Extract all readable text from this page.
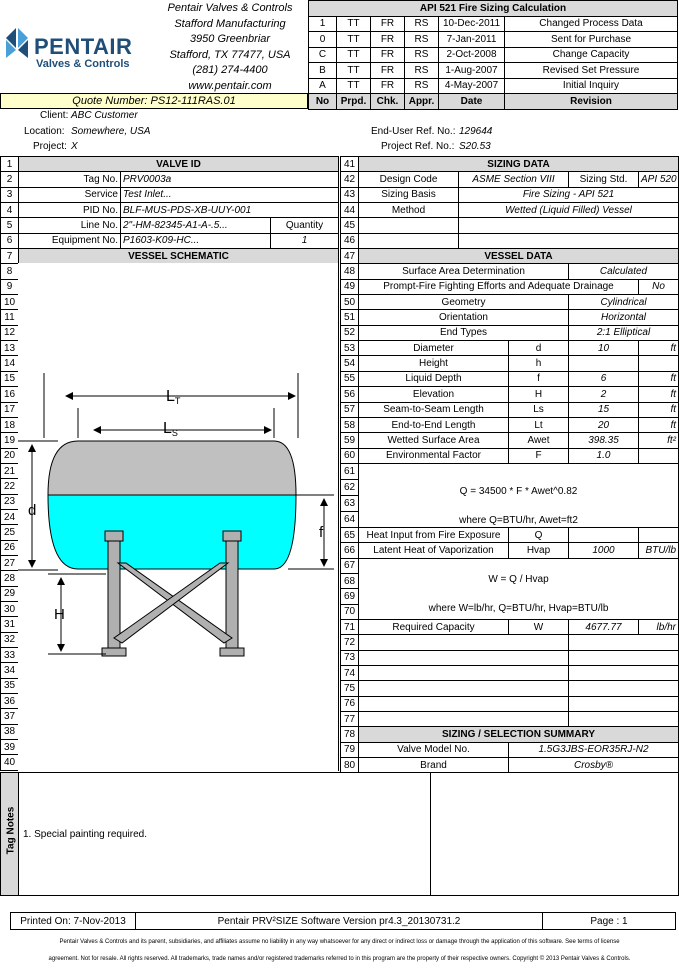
PENTAIR
Valves & Controls
Pentair Valves & Controls
Stafford Manufacturing
3950 Greenbriar
Stafford, TX 77477, USA
(281) 274-4400
www.pentair.com
API 521 Fire Sizing Calculation					
1	TT	FR	RS	10-Dec-2011	Changed Process Data
0	TT	FR	RS	7-Jan-2011	Sent for Purchase
C	TT	FR	RS	2-Oct-2008	Change Capacity
B	TT	FR	RS	1-Aug-2007	Revised Set Pressure
A	TT	FR	RS	4-May-2007	Initial Inquiry
No	Prpd.	Chk.	Appr.	Date	Revision
Quote Number: PS12-111RAS.01
Client: ABC Customer
Location: Somewhere, USA
Project: X
End-User Ref. No.: 129644
Project Ref. No.: S20.53
1	VALVE ID		
2	Tag No.	PRV0003a	
3	Service	Test Inlet...	
4	PID No.	BLF-MUS-PDS-XB-UUY-001	
5	Line No.	2"-HM-82345-A1-A-.5...	Quantity
6	Equipment No.	P1603-K09-HC...	1
7	VESSEL SCHEMATIC		
8			
9			
10			
11			
12			
13			
14			
15			
16			
17			
18			
19			
20			
21			
22			
23			
24			
25			
26			
27			
28			
29			
30			
31			
32			
33			
34			
35			
36			
37			
38			
39			
40			
LT
LS
d
f
H
41	SIZING DATA				
42	Design Code	ASME Section VIII		Sizing Std.	API 520
43	Sizing Basis	Fire Sizing - API 521			
44	Method	Wetted (Liquid Filled) Vessel			
45					
46					
47	VESSEL DATA				
48	Surface Area Determination			Calculated	
49	Prompt-Fire Fighting Efforts and Adequate Drainage				No
50	Geometry			Cylindrical	
51	Orientation			Horizontal	
52	End Types			2:1 Elliptical	
53	Diameter		d	10	ft
54	Height		h		
55	Liquid Depth		f	6	ft
56	Elevation		H	2	ft
57	Seam-to-Seam Length		Ls	15	ft
58	End-to-End Length		Lt	20	ft
59	Wetted Surface Area		Awet	398.35	ft²
60	Environmental Factor		F	1.0	
61	Q = 34500 * F * Awet^0.82
where Q=BTU/hr, Awet=ft2				

62					
63					
64					
65	Heat Input from Fire Exposure		Q		
66	Latent Heat of Vaporization		Hvap	1000	BTU/lb
67	W = Q / Hvap
where W=lb/hr, Q=BTU/hr, Hvap=BTU/lb				

68					
69					
70					
71	Required Capacity		W	4677.77	lb/hr
72					
73					
74					
75					
76					
77					
78	SIZING / SELECTION SUMMARY				
79	Valve Model No.		1.5G3JBS-EOR35RJ-N2		
80	Brand		Crosby®		
Tag Notes 1. Special painting required.
Printed On: 7-Nov-2013	Pentair PRV²SIZE Software Version pr4.3_20130731.2	Page : 1
Pentair Valves & Controls and its parent, subsidiaries, and affiliates assume no liability in any way whatsoever for any direct or indirect loss or damage through the application of this software. See terms of license
agreement. Not for resale. All rights reserved. All trademarks, trade names and/or registered trademarks referred to in this program are the property of their respective owners. Copyright © 2013 Pentair Valves & Controls.
